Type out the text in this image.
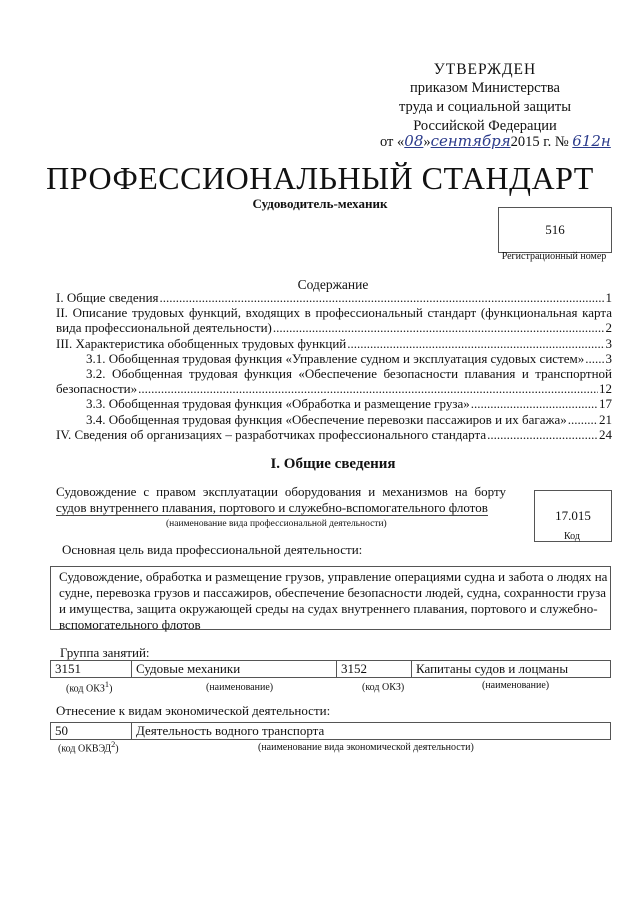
УТВЕРЖДЕН
приказом Министерства
труда и социальной защиты
Российской Федерации
от «08»сентября2015 г. № 612н
ПРОФЕССИОНАЛЬНЫЙ СТАНДАРТ
Судоводитель-механик
516
Регистрационный номер
Содержание
I. Общие сведения .....	1
II. Описание трудовых функций, входящих в профессиональный стандарт (функциональная карта
вида профессиональной деятельности) .....	2
III. Характеристика обобщенных трудовых функций .....	3
3.1. Обобщенная трудовая функция «Управление судном и эксплуатация судовых систем» ..... 3
3.2. Обобщенная трудовая функция «Обеспечение безопасности плавания и транспортной
безопасности» .....	12
3.3. Обобщенная трудовая функция «Обработка и размещение груза» .....	17
3.4. Обобщенная трудовая функция «Обеспечение перевозки пассажиров и их багажа» ..... 21
IV. Сведения об организациях – разработчиках профессионального стандарта .....	24
I. Общие сведения
Судовождение с правом эксплуатации оборудования и механизмов на борту
судов внутреннего плавания, портового и служебно-вспомогательного флотов
(наименование вида профессиональной деятельности)
17.015
Код
Основная цель вида профессиональной деятельности:
Судовождение, обработка и размещение грузов, управление операциями судна и забота о людях на судне, перевозка грузов и пассажиров, обеспечение безопасности людей, судна, сохранности груза и имущества, защита окружающей среды на судах внутреннего плавания, портового и служебно-вспомогательного флотов
Группа занятий:
3151	Судовые механики	3152	Капитаны судов и лоцманы
(код ОКЗ$^1$)	(наименование)	(код ОКЗ)	(наименование)
Отнесение к видам экономической деятельности:
50	Деятельность водного транспорта
(код ОКВЭД$^2$)	(наименование вида экономической деятельности)
